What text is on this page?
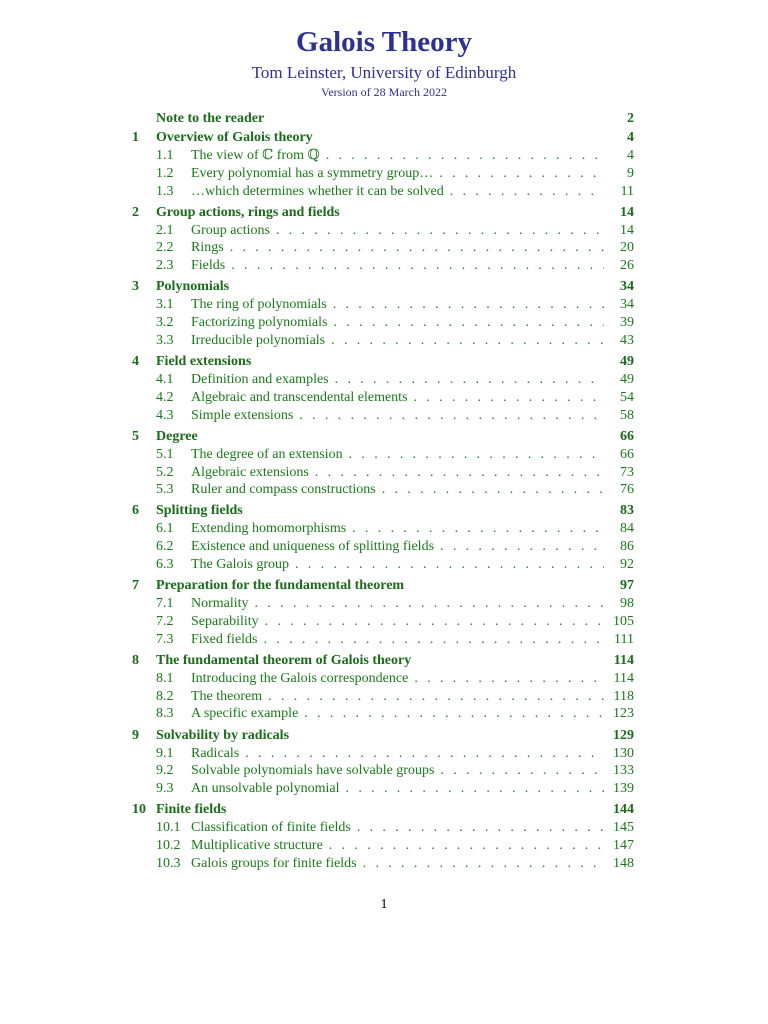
Galois Theory
Tom Leinster, University of Edinburgh
Version of 28 March 2022
Note to the reader	2
1 Overview of Galois theory	4
1.1 The view of ℂ from ℚ . . .	4
1.2 Every polynomial has a symmetry group… . . .	9
1.3 …which determines whether it can be solved . . .	11
2 Group actions, rings and fields	14
2.1 Group actions . . .	14
2.2 Rings . . .	20
2.3 Fields . . .	26
3 Polynomials	34
3.1 The ring of polynomials . . .	34
3.2 Factorizing polynomials . . .	39
3.3 Irreducible polynomials . . .	43
4 Field extensions	49
4.1 Definition and examples . . .	49
4.2 Algebraic and transcendental elements . . .	54
4.3 Simple extensions . . .	58
5 Degree	66
5.1 The degree of an extension . . .	66
5.2 Algebraic extensions . . .	73
5.3 Ruler and compass constructions . . .	76
6 Splitting fields	83
6.1 Extending homomorphisms . . .	84
6.2 Existence and uniqueness of splitting fields . . .	86
6.3 The Galois group . . .	92
7 Preparation for the fundamental theorem	97
7.1 Normality . . .	98
7.2 Separability . . .	105
7.3 Fixed fields . . .	111
8 The fundamental theorem of Galois theory	114
8.1 Introducing the Galois correspondence . . .	114
8.2 The theorem . . .	118
8.3 A specific example . . .	123
9 Solvability by radicals	129
9.1 Radicals . . .	130
9.2 Solvable polynomials have solvable groups . . .	133
9.3 An unsolvable polynomial . . .	139
10 Finite fields	144
10.1 Classification of finite fields . . .	145
10.2 Multiplicative structure . . .	147
10.3 Galois groups for finite fields . . .	148
1
